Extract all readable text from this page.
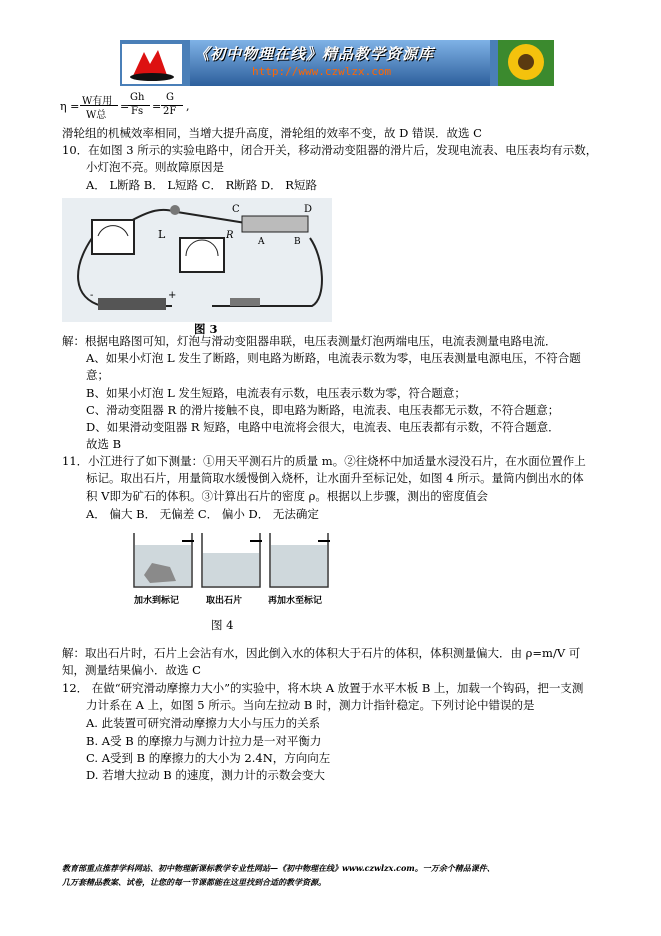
《初中物理在线》精品教学资源库
http://www.czwlzx.com
η = W有用
W总
=
Gh
Fs =
G
2F ,
滑轮组的机械效率相同，当增大提升高度，滑轮组的效率不变，故 D 错误．故选 C
10．在如图 3 所示的实验电路中，闭合开关，移动滑动变阻器的滑片后，发现电流表、电压表均有示数，
小灯泡不亮。则故障原因是
A． L断路 B． L短路 C． R断路 D． R短路
L
C	D
R
A	B
+
-
图 3
解：根据电路图可知，灯泡与滑动变阻器串联，电压表测量灯泡两端电压，电流表测量电路电流．
A、如果小灯泡 L 发生了断路，则电路为断路，电流表示数为零，电压表测量电源电压，不符合题
意；
B、如果小灯泡 L 发生短路，电流表有示数，电压表示数为零，符合题意；
C、滑动变阻器 R 的滑片接触不良，即电路为断路，电流表、电压表都无示数，不符合题意；
D、如果滑动变阻器 R 短路，电路中电流将会很大，电流表、电压表都有示数，不符合题意．
故选 B
11．小江进行了如下测量：①用天平测石片的质量 m。②往烧杯中加适量水浸没石片，在水面位置作上
标记。取出石片，用量筒取水缓慢倒入烧杯，让水面升至标记处，如图 4 所示。量筒内倒出水的体
积 V即为矿石的体积。③计算出石片的密度 ρ。根据以上步骤，测出的密度值会
A． 偏大 B． 无偏差 C． 偏小 D． 无法确定
加水到标记	取出石片	再加水至标记
图 4
解：取出石片时，石片上会沾有水，因此倒入水的体积大于石片的体积，体积测量偏大．由 ρ=m/V 可
知，测量结果偏小．故选 C
12． 在做“研究滑动摩擦力大小”的实验中，将木块 A 放置于水平木板 B 上，加载一个钩码，把一支测
力计系在 A 上，如图 5 所示。当向左拉动 B 时，测力计指针稳定。下列讨论中错误的是
A. 此装置可研究滑动摩擦力大小与压力的关系
B. A受 B 的摩擦力与测力计拉力是一对平衡力
C. A受到 B 的摩擦力的大小为 2.4N，方向向左
D. 若增大拉动 B 的速度，测力计的示数会变大
教育部重点推荐学科网站、初中物理新课标教学专业性网站—《初中物理在线》www.czwlzx.com。一万余个精品课件、
几万套精品教案、试卷，让您的每一节课都能在这里找到合适的教学资源。
